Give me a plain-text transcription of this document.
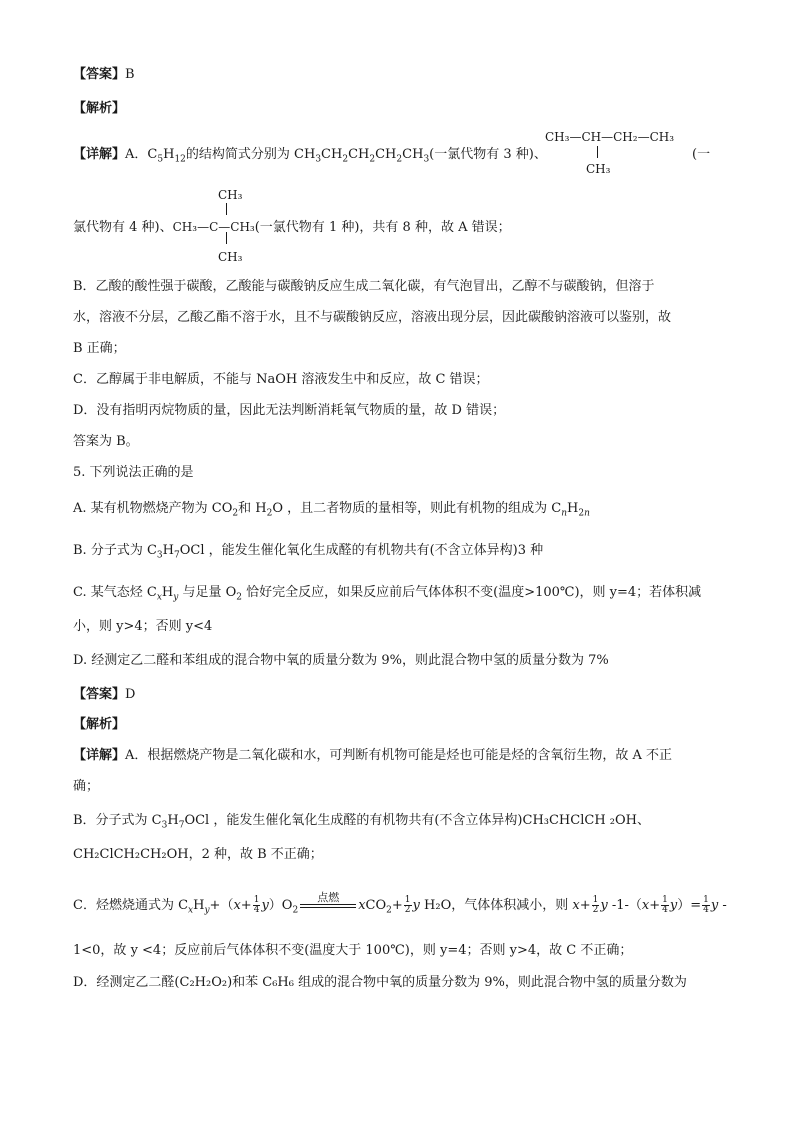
【答案】B
【解析】
CH₃—CH—CH₂—CH₃
CH₃
【详解】A．$C_5H_{12}$的结构简式分别为 $CH_3CH_2CH_2CH_2CH_3$(一氯代物有 3 种)、	(一
CH₃
CH₃
氯代物有 4 种)、CH₃—C—CH₃(一氯代物有 1 种)，共有 8 种，故 A 错误；
B．乙酸的酸性强于碳酸，乙酸能与碳酸钠反应生成二氧化碳，有气泡冒出，乙醇不与碳酸钠，但溶于
水，溶液不分层，乙酸乙酯不溶于水，且不与碳酸钠反应，溶液出现分层，因此碳酸钠溶液可以鉴别，故
B 正确；
C．乙醇属于非电解质，不能与 NaOH 溶液发生中和反应，故 C 错误；
D．没有指明丙烷物质的量，因此无法判断消耗氧气物质的量，故 D 错误；
答案为 B。
5. 下列说法正确的是
A. 某有机物燃烧产物为 $CO_2$和 $H_2O$ ，且二者物质的量相等，则此有机物的组成为 $C_nH_{2n}$
B. 分子式为 $C_3H_7OCl$ ，能发生催化氧化生成醛的有机物共有(不含立体异构)3 种
C. 某气态烃 $C_xH_y$ 与足量 $O_2$ 恰好完全反应，如果反应前后气体体积不变(温度>100℃)，则 y=4；若体积减
小，则 y>4；否则 y<4
D. 经测定乙二醛和苯组成的混合物中氧的质量分数为 9%，则此混合物中氢的质量分数为 7%
【答案】D
【解析】
【详解】A．根据燃烧产物是二氧化碳和水，可判断有机物可能是烃也可能是烃的含氧衍生物，故 A 不正
确；
B．分子式为 $C_3H_7OCl$ ，能发生催化氧化生成醛的有机物共有(不含立体异构)CH₃CHClCH ₂OH、
CH₂ClCH₂CH₂OH，2 种，故 B 不正确；
C．烃燃烧通式为 $C_xH_y+(x+ \frac{1}{4} y)O_2$
点燃
$xCO_2+ \frac{1}{2}$ y H₂O，气体体积减小，则 $x+ \frac{1}{2}$ y $-1-(x+ \frac{1}{4} y)= \frac{1}{4}$ y -
1<0，故 y <4；反应前后气体体积不变(温度大于 100℃)，则 y=4；否则 y>4，故 C 不正确；
D．经测定乙二醛(C₂H₂O₂)和苯 C₆H₆ 组成的混合物中氧的质量分数为 9%，则此混合物中氢的质量分数为
